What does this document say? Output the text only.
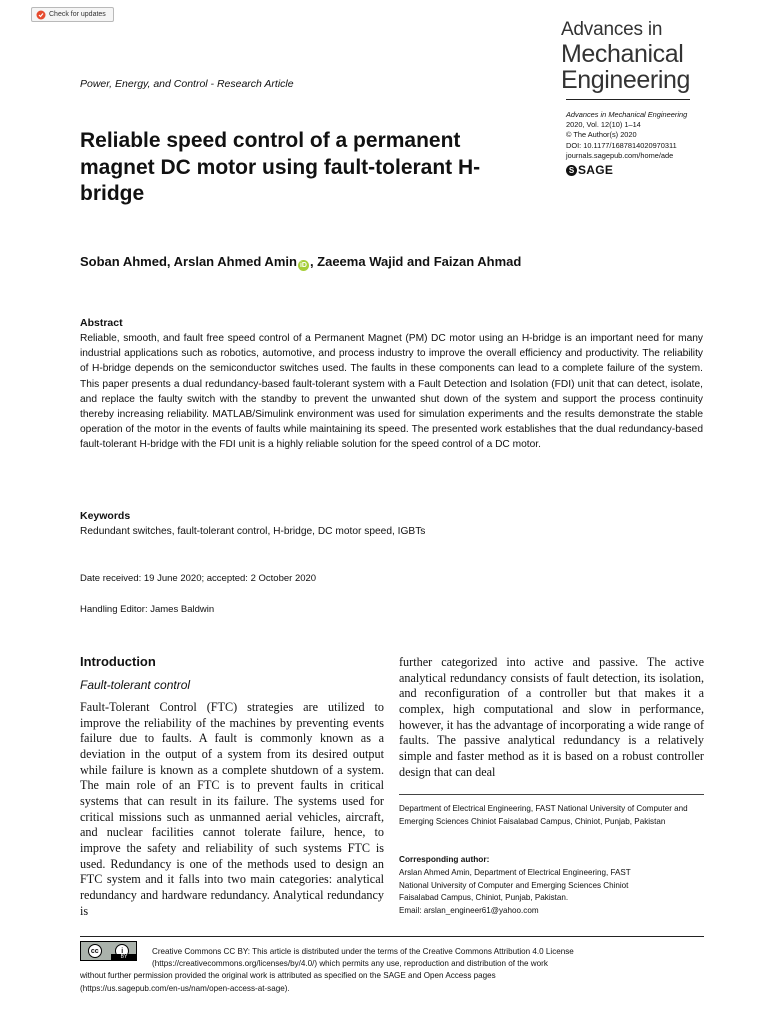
Check for updates
Advances in
Mechanical
Engineering
Power, Energy, and Control - Research Article
Advances in Mechanical Engineering
2020, Vol. 12(10) 1–14
© The Author(s) 2020
DOI: 10.1177/1687814020970311
journals.sagepub.com/home/ade
S SAGE
Reliable speed control of a permanent magnet DC motor using fault-tolerant H-bridge
Soban Ahmed, Arslan Ahmed Amin iD , Zaeema Wajid and Faizan Ahmad
Abstract
Reliable, smooth, and fault free speed control of a Permanent Magnet (PM) DC motor using an H-bridge is an important need for many industrial applications such as robotics, automotive, and process industry to improve the overall efficiency and productivity. The reliability of H-bridge depends on the semiconductor switches used. The faults in these components can lead to a complete failure of the system. This paper presents a dual redundancy-based fault-tolerant system with a Fault Detection and Isolation (FDI) unit that can detect, isolate, and replace the faulty switch with the standby to prevent the unwanted shut down of the system and support the process continuity thereby increasing reliability. MATLAB/Simulink environment was used for simulation experiments and the results demonstrate the stable operation of the motor in the events of faults while maintaining its speed. The presented work establishes that the dual redundancy-based fault-tolerant H-bridge with the FDI unit is a highly reliable solution for the speed control of a DC motor.
Keywords
Redundant switches, fault-tolerant control, H-bridge, DC motor speed, IGBTs
Date received: 19 June 2020; accepted: 2 October 2020
Handling Editor: James Baldwin
Introduction
Fault-tolerant control
Fault-Tolerant Control (FTC) strategies are utilized to improve the reliability of the machines by preventing events failure due to faults. A fault is commonly known as a deviation in the output of a system from its desired output while failure is known as a complete shutdown of a system. The main role of an FTC is to prevent faults in critical systems that can result in its failure. The systems used for critical missions such as unmanned aerial vehicles, aircraft, and nuclear facilities cannot tolerate failure, hence, to improve the safety and reliability of such systems FTC is used. Redundancy is one of the methods used to design an FTC system and it falls into two main categories: analytical redundancy and hardware redundancy. Analytical redundancy is
further categorized into active and passive. The active analytical redundancy consists of fault detection, its isolation, and reconfiguration of a controller but that makes it a complex, high computational and slow in performance, however, it has the advantage of incorporating a wide range of faults. The passive analytical redundancy is a relatively simple and faster method as it is based on a robust controller design that can deal
Department of Electrical Engineering, FAST National University of Computer and Emerging Sciences Chiniot Faisalabad Campus, Chiniot, Punjab, Pakistan
Corresponding author:
Arslan Ahmed Amin, Department of Electrical Engineering, FAST
National University of Computer and Emerging Sciences Chiniot
Faisalabad Campus, Chiniot, Punjab, Pakistan.
Email: arslan_engineer61@yahoo.com
cc	i
BY
Creative Commons CC BY: This article is distributed under the terms of the Creative Commons Attribution 4.0 License
(https://creativecommons.org/licenses/by/4.0/) which permits any use, reproduction and distribution of the work
without further permission provided the original work is attributed as specified on the SAGE and Open Access pages
(https://us.sagepub.com/en-us/nam/open-access-at-sage).
